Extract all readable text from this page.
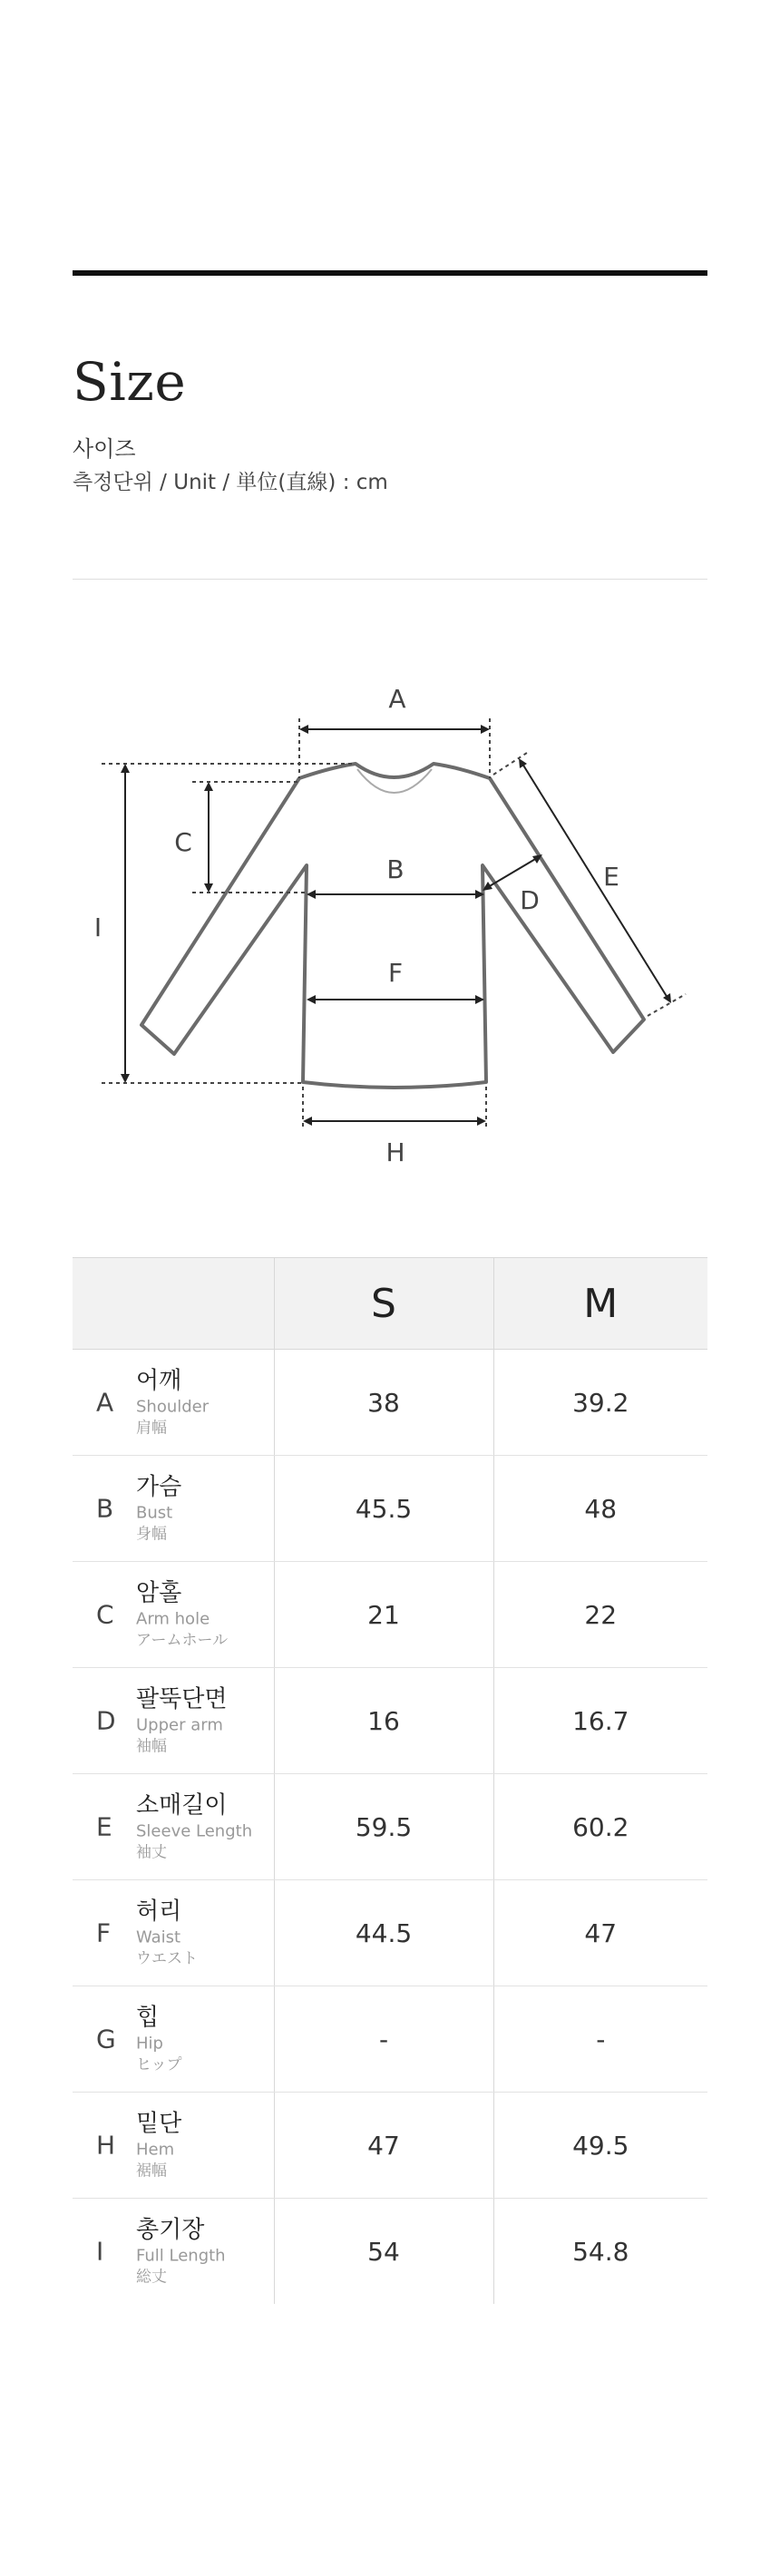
Size
사이즈
측정단위 / Unit / 単位(直線) : cm
A
I
C
B
D
E
F
H
	S	M

A
어깨
Shoulder
肩幅	38	39.2

B
가슴
Bust
身幅	45.5	48

C
암홀
Arm hole
アームホール	21	22

D
팔뚝단면
Upper arm
袖幅	16	16.7

E
소매길이
Sleeve Length
袖丈	59.5	60.2

F
허리
Waist
ウエスト	44.5	47

G
힙
Hip
ヒップ	-	-

H
밑단
Hem
裾幅	47	49.5

I
총기장
Full Length
総丈	54	54.8
